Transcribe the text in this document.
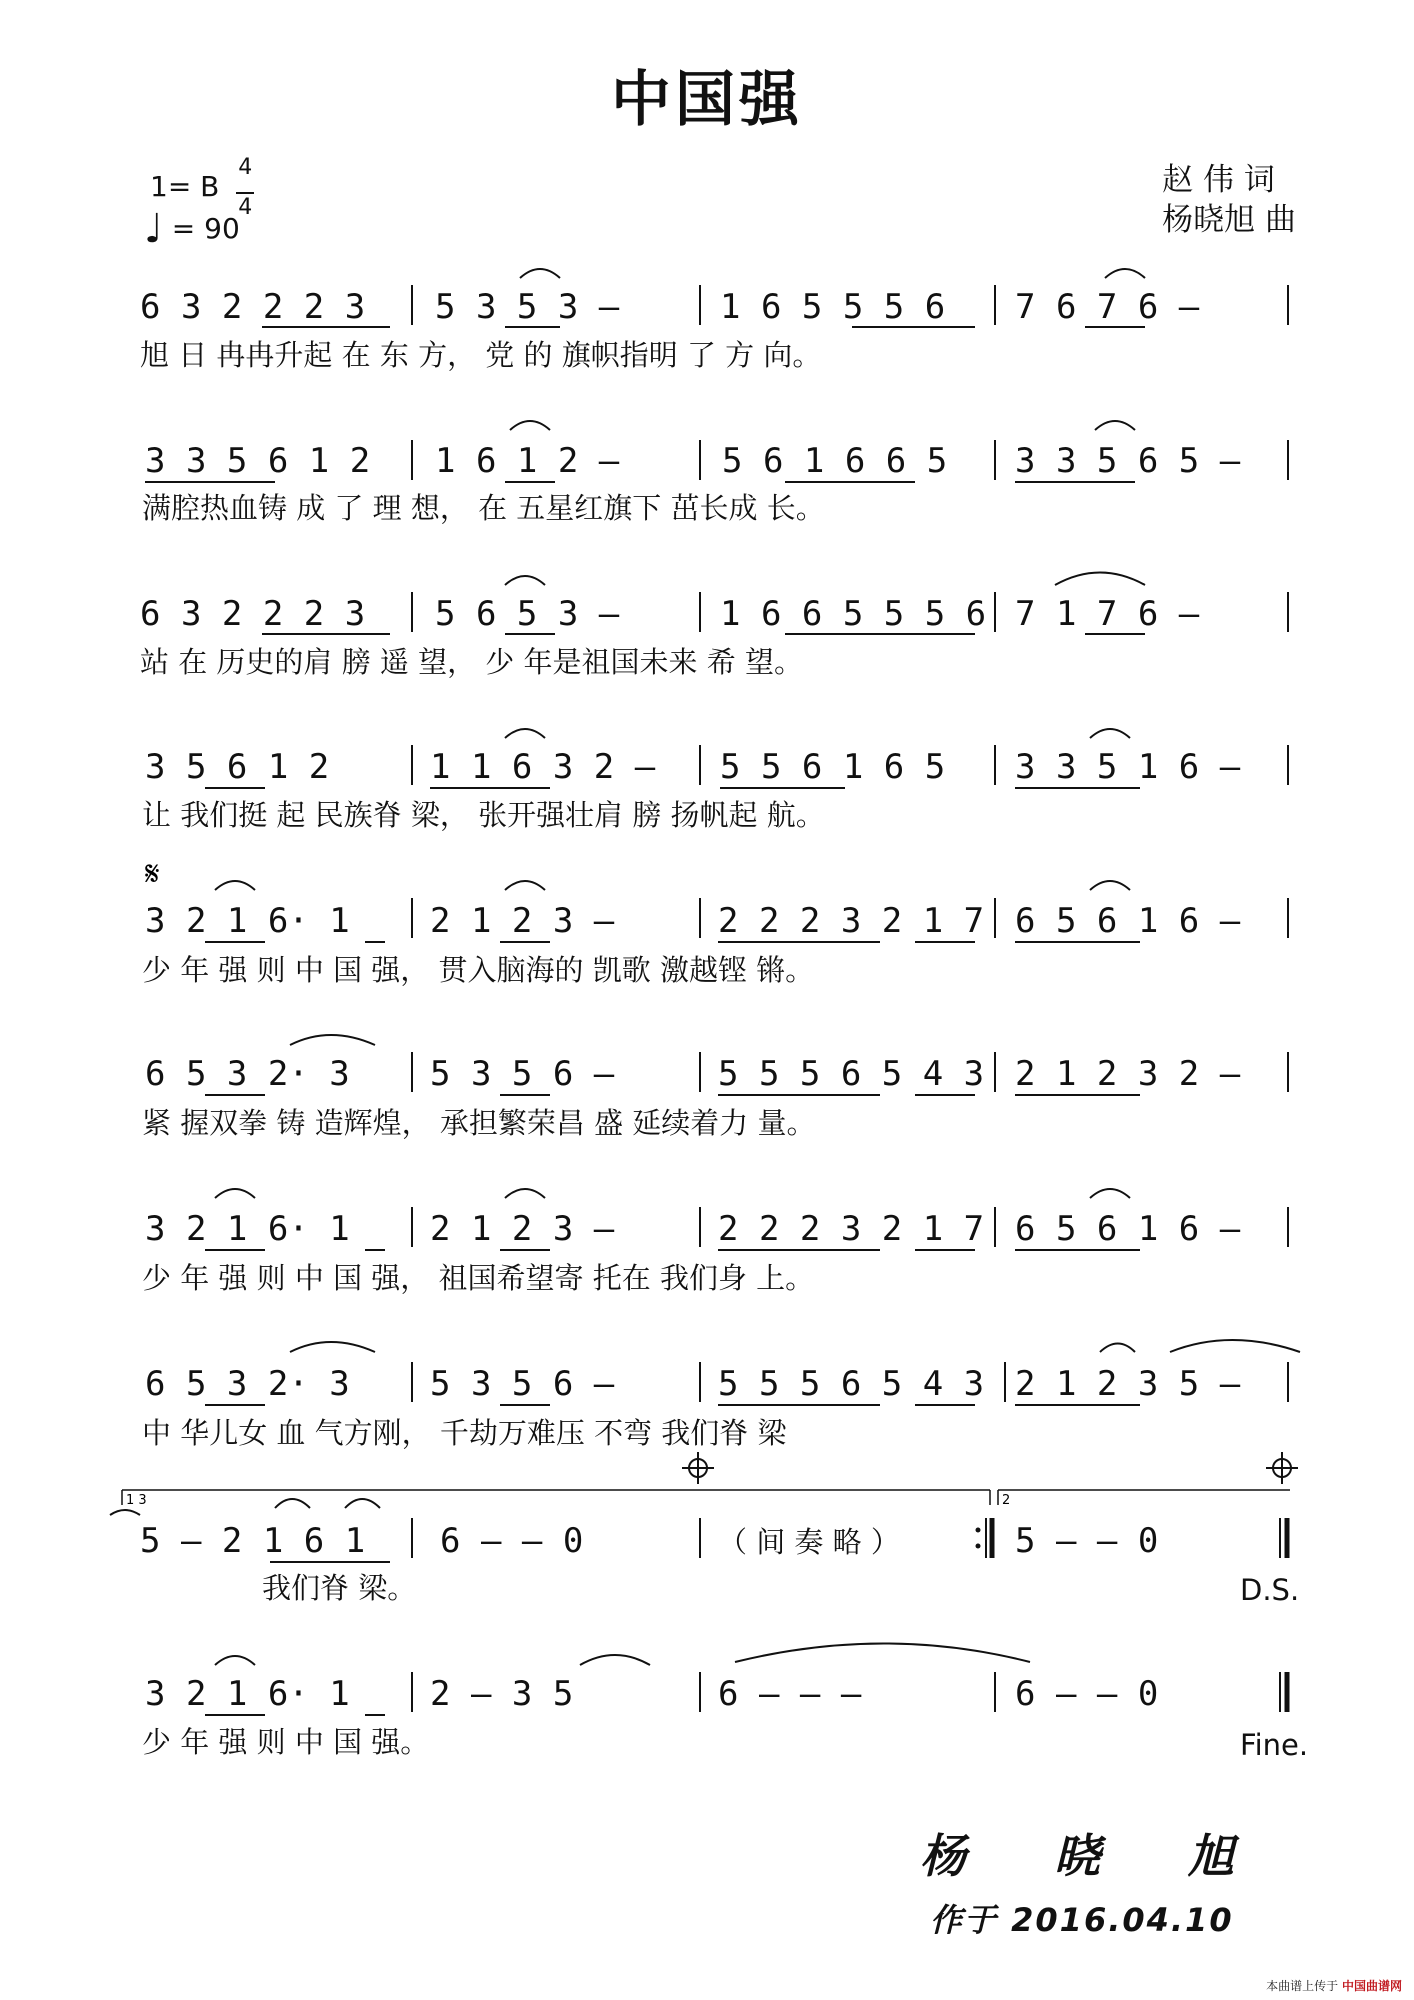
中国强
1= B $\frac{4}{4}$
♩ = 90
赵 伟 词
杨晓旭 曲
6 3 2 2 2 3 5 3 5 3 –	1 6 5 5 5 6 7 6 7 6 –
旭 日 冉冉升起 在 东 方， 党 的 旗帜指明 了 方 向。
3 3 5 6 1 2 1 6 1 2 –	5 6 1 6 6 5 3 3 5 6 5 –
满腔热血铸 成 了 理 想， 在 五星红旗下 茁长成 长。
6 3 2 2 2 3 5 6 5 3 –	1 6 6 5 5 5 6 7 1 7 6 –
站 在 历史的肩 膀 遥 望， 少 年是祖国未来 希 望。
3 5 6 1 2	1 1 6 3 2 – 5 5 6 1 6 5 3 3 5 1 6 –
让 我们挺 起 民族脊 梁， 张开强壮肩 膀 扬帆起 航。
𝄋
3 2 1 6· 1 2 1 2 3 –	2 2 2 3 2 1 7 6 5 6 1 6 –
少 年 强 则 中 国 强， 贯入脑海的 凯歌 激越铿 锵。
6 5 3 2· 3 5 3 5 6 –	5 5 5 6 5 4 3 2 1 2 3 2 –
紧 握双拳 铸 造辉煌， 承担繁荣昌 盛 延续着力 量。
3 2 1 6· 1 2 1 2 3 –	2 2 2 3 2 1 7 6 5 6 1 6 –
少 年 强 则 中 国 强， 祖国希望寄 托在 我们身 上。
6 5 3 2· 3 5 3 5 6 –	5 5 5 6 5 4 3 2 1 2 3 5 –
中 华儿女 血 气方刚， 千劫万难压 不弯 我们脊 梁
1 3	2
5 – 2 1 6 1 6 – – 0	（ 间 奏 略 ）	5 – – 0
我们脊 梁。	D.S.
3 2 1 6· 1 2 – 3 5	6 – – –	6 – – 0
少 年 强 则 中 国 强。	Fine.
杨 晓 旭
作于 2016.04.10
本曲谱上传于 中国曲谱网
